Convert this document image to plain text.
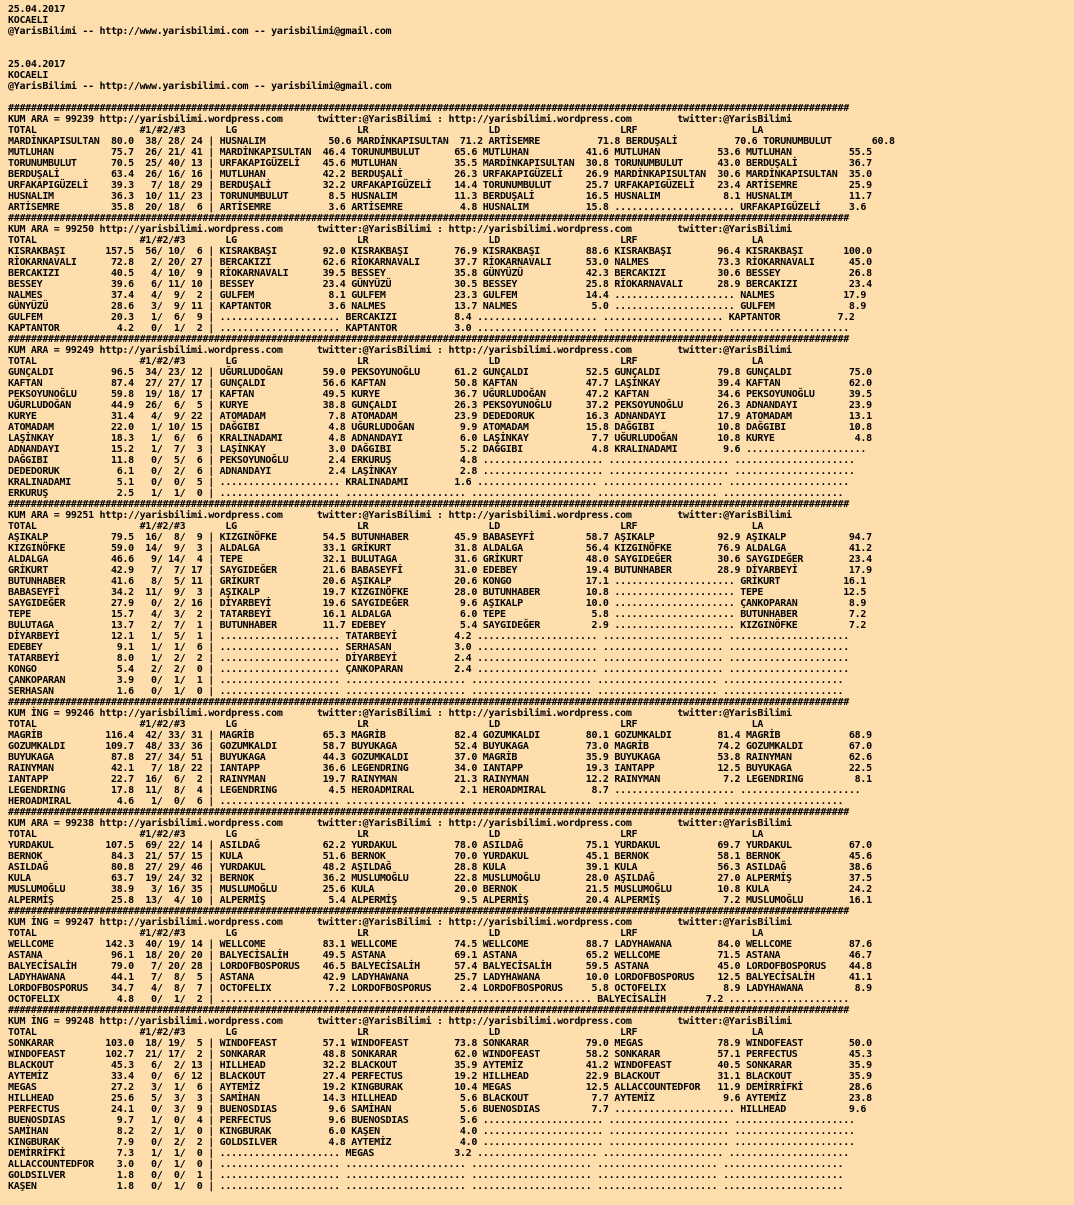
25.04.2017
KOCAELI
@YarisBilimi -- http://www.yarisbilimi.com -- yarisbilimi@gmail.com
25.04.2017
KOCAELI
@YarisBilimi -- http://www.yarisbilimi.com -- yarisbilimi@gmail.com
###################################################################################################################################################
KUM ARA = 99239 http://yarisbilimi.wordpress.com      twitter:@YarisBilimi : http://yarisbilimi.wordpress.com        twitter:@YarisBilimi
TOTAL                  #1/#2/#3       LG                     LR                     LD                     LRF                    LA
MARDİNKAPISULTAN  80.0  38/ 28/ 24 | HUSNALIM           50.6 MARDİNKAPISULTAN  71.2 ARTİSEMRE          71.8 BERDUŞALİ          70.6 TORUNUMBULUT       60.8
MUTLUHAN          75.7  26/ 21/ 41 | MARDİNKAPISULTAN  46.4 TORUNUMBULUT      65.6 MUTLUHAN          41.6 MUTLUHAN          53.6 MUTLUHAN          55.5
TORUNUMBULUT      70.5  25/ 40/ 13 | URFAKAPIGÜZELİ    45.6 MUTLUHAN          35.5 MARDİNKAPISULTAN  30.8 TORUNUMBULUT      43.0 BERDUŞALİ         36.7
BERDUŞALİ         63.4  26/ 16/ 16 | MUTLUHAN          42.2 BERDUŞALİ         26.3 URFAKAPIGÜZELİ    26.9 MARDİNKAPISULTAN  30.6 MARDİNKAPISULTAN  35.0
URFAKAPIGÜZELİ    39.3   7/ 18/ 29 | BERDUŞALİ         32.2 URFAKAPIGÜZELİ    14.4 TORUNUMBULUT      25.7 URFAKAPIGÜZELİ    23.4 ARTİSEMRE         25.9
HUSNALIM          36.3  10/ 11/ 23 | TORUNUMBULUT       8.5 HUSNALIM          11.3 BERDUŞALİ         16.5 HUSNALIM           8.1 HUSNALIM          11.7
ARTİSEMRE         35.8  20/ 18/  6 | ARTİSEMRE          3.6 ARTİSEMRE          4.8 HUSNALIM          15.8 ..................... URFAKAPIGÜZELİ     3.6
###################################################################################################################################################
KUM ARA = 99250 http://yarisbilimi.wordpress.com      twitter:@YarisBilimi : http://yarisbilimi.wordpress.com        twitter:@YarisBilimi
TOTAL                  #1/#2/#3       LG                     LR                     LD                     LRF                    LA
KISRAKBAŞI       157.5  56/ 10/  6 | KISRAKBAŞI        92.0 KISRAKBAŞI        76.9 KISRAKBAŞI        88.6 KISRAKBAŞI        96.4 KISRAKBAŞI       100.0
RİOKARNAVALI      72.8   2/ 20/ 27 | BERCAKIZI         62.6 RİOKARNAVALI      37.7 RİOKARNAVALI      53.0 NALMES            73.3 RİOKARNAVALI      45.0
BERCAKIZI         40.5   4/ 10/  9 | RİOKARNAVALI      39.5 BESSEY            35.8 GÜNYÜZÜ           42.3 BERCAKIZI         30.6 BESSEY            26.8
BESSEY            39.6   6/ 11/ 10 | BESSEY            23.4 GÜNYÜZÜ           30.5 BESSEY            25.8 RİOKARNAVALI      28.9 BERCAKIZI         23.4
NALMES            37.4   4/  9/  2 | GULFEM             8.1 GULFEM            23.3 GULFEM            14.4 ..................... NALMES            17.9
GÜNYÜZÜ           28.6   3/  9/ 11 | KAPTANTOR          3.6 NALMES            13.7 NALMES             5.0 ..................... GULFEM             8.9
GULFEM            20.3   1/  6/  9 | ..................... BERCAKIZI          8.4 ..................... ..................... KAPTANTOR          7.2
KAPTANTOR          4.2   0/  1/  2 | ..................... KAPTANTOR          3.0 ..................... ..................... .....................
###################################################################################################################################################
KUM ARA = 99249 http://yarisbilimi.wordpress.com      twitter:@YarisBilimi : http://yarisbilimi.wordpress.com        twitter:@YarisBilimi
TOTAL                  #1/#2/#3       LG                     LR                     LD                     LRF                    LA
GUNÇALDI          96.5  34/ 23/ 12 | UĞURLUDOĞAN       59.0 PEKSOYUNOĞLU      61.2 GUNÇALDI          52.5 GUNÇALDI          79.8 GUNÇALDI          75.0
KAFTAN            87.4  27/ 27/ 17 | GUNÇALDI          56.6 KAFTAN            50.8 KAFTAN            47.7 LAŞİNKAY          39.4 KAFTAN            62.0
PEKSOYUNOĞLU      59.8  19/ 18/ 17 | KAFTAN            49.5 KURYE             36.7 UĞURLUDOĞAN       47.2 KAFTAN            34.6 PEKSOYUNOĞLU      39.5
UĞURLUDOĞAN       44.9  26/  6/  5 | KURYE             38.8 GUNÇALDI          26.3 PEKSOYUNOĞLU      37.2 PEKSOYUNOĞLU      26.3 ADNANDAYI         23.9
KURYE             31.4   4/  9/ 22 | ATOMADAM           7.8 ATOMADAM          23.9 DEDEDORUK         16.3 ADNANDAYI         17.9 ATOMADAM          13.1
ATOMADAM          22.0   1/ 10/ 15 | DAĞGIBI            4.8 UĞURLUDOĞAN        9.9 ATOMADAM          15.8 DAĞGIBI           10.8 DAĞGIBI           10.8
LAŞİNKAY          18.3   1/  6/  6 | KRALINADAMI        4.8 ADNANDAYI          6.0 LAŞİNKAY           7.7 UĞURLUDOĞAN       10.8 KURYE              4.8
ADNANDAYI         15.2   1/  7/  3 | LAŞİNKAY           3.0 DAĞGIBI            5.2 DAĞGIBI            4.8 KRALINADAMI        9.6 .....................
DAĞGIBI           11.8   0/  5/  6 | PEKSOYUNOĞLU       2.4 ERKURUŞ            4.8 ..................... ..................... .....................
DEDEDORUK          6.1   0/  2/  6 | ADNANDAYI          2.4 LAŞİNKAY           2.8 ..................... ..................... .....................
KRALINADAMI        5.1   0/  0/  5 | ..................... KRALINADAMI        1.6 ..................... ..................... .....................
ERKURUŞ            2.5   1/  1/  0 | ..................... ..................... ..................... ..................... .....................
###################################################################################################################################################
KUM ARA = 99251 http://yarisbilimi.wordpress.com      twitter:@YarisBilimi : http://yarisbilimi.wordpress.com        twitter:@YarisBilimi
TOTAL                  #1/#2/#3       LG                     LR                     LD                     LRF                    LA
AŞIKALP           79.5  16/  8/  9 | KIZGINÖFKE        54.5 BUTUNHABER        45.9 BABASEYFİ         58.7 AŞIKALP           92.9 AŞIKALP           94.7
KIZGINÖFKE        59.0  14/  9/  3 | ALDALGA           33.1 GRİKURT           31.8 ALDALGA           56.4 KIZGINÖFKE        76.9 ALDALGA           41.2
ALDALGA           46.6   9/ 14/  4 | TEPE              32.1 BULUTAGA          31.6 GRİKURT           48.0 SAYGIDEĞER        30.6 SAYGIDEĞER        23.4
GRİKURT           42.9   7/  7/ 17 | SAYGIDEĞER        21.6 BABASEYFİ         31.0 EDEBEY            19.4 BUTUNHABER        28.9 DİYARBEYİ         17.9
BUTUNHABER        41.6   8/  5/ 11 | GRİKURT           20.6 AŞIKALP           20.6 KONGO             17.1 ..................... GRİKURT           16.1
BABASEYFİ         34.2  11/  9/  3 | AŞIKALP           19.7 KIZGINÖFKE        28.0 BUTUNHABER        10.8 ..................... TEPE              12.5
SAYGIDEĞER        27.9   0/  2/ 16 | DİYARBEYİ         19.6 SAYGIDEĞER         9.6 AŞIKALP           10.0 ..................... ÇANKOPARAN         8.9
TEPE              15.7   4/  3/  2 | TATARBEYİ         16.1 ALDALGA            6.0 TEPE               5.8 ..................... BUTUNHABER         7.2
BULUTAGA          13.7   2/  7/  1 | BUTUNHABER        11.7 EDEBEY             5.4 SAYGIDEĞER         2.9 ..................... KIZGINÖFKE         7.2
DİYARBEYİ         12.1   1/  5/  1 | ..................... TATARBEYİ          4.2 ..................... ..................... .....................
EDEBEY             9.1   1/  1/  6 | ..................... SERHASAN           3.0 ..................... ..................... .....................
TATARBEYİ          8.0   1/  2/  2 | ..................... DİYARBEYİ          2.4 ..................... ..................... .....................
KONGO              5.4   2/  2/  0 | ..................... ÇANKOPARAN         2.4 ..................... ..................... .....................
ÇANKOPARAN         3.9   0/  1/  1 | ..................... ..................... ..................... ..................... .....................
SERHASAN           1.6   0/  1/  0 | ..................... ..................... ..................... ..................... .....................
###################################################################################################################################################
KUM İNG = 99246 http://yarisbilimi.wordpress.com      twitter:@YarisBilimi : http://yarisbilimi.wordpress.com        twitter:@YarisBilimi
TOTAL                  #1/#2/#3       LG                     LR                     LD                     LRF                    LA
MAGRİB           116.4  42/ 33/ 31 | MAGRİB            65.3 MAGRİB            82.4 GOZUMKALDI        80.1 GOZUMKALDI        81.4 MAGRİB            68.9
GOZUMKALDI       109.7  48/ 33/ 36 | GOZUMKALDI        58.7 BUYUKAGA          52.4 BUYUKAGA          73.0 MAGRİB            74.2 GOZUMKALDI        67.0
BUYUKAGA          87.8  27/ 34/ 51 | BUYUKAGA          44.3 GOZUMKALDI        37.0 MAGRİB            35.9 BUYUKAGA          53.8 RAINYMAN          62.6
RAINYMAN          42.1   7/ 18/ 22 | IANTAPP           36.6 LEGENDRING        34.0 IANTAPP           19.3 IANTAPP           12.5 BUYUKAGA          22.5
IANTAPP           22.7  16/  6/  2 | RAINYMAN          19.7 RAINYMAN          21.3 RAINYMAN          12.2 RAINYMAN           7.2 LEGENDRING         8.1
LEGENDRING        17.8  11/  8/  4 | LEGENDRING         4.5 HEROADMIRAL        2.1 HEROADMIRAL        8.7 ..................... .....................
HEROADMIRAL        4.6   1/  0/  6 | ..................... ..................... ..................... ..................... .....................
###################################################################################################################################################
KUM ARA = 99238 http://yarisbilimi.wordpress.com      twitter:@YarisBilimi : http://yarisbilimi.wordpress.com        twitter:@YarisBilimi
TOTAL                  #1/#2/#3       LG                     LR                     LD                     LRF                    LA
YURDAKUL         107.5  69/ 22/ 14 | ASILDAĞ           62.2 YURDAKUL          78.0 ASILDAĞ           75.1 YURDAKUL          69.7 YURDAKUL          67.0
BERNOK            84.3  21/ 57/ 15 | KULA              51.6 BERNOK            70.0 YURDAKUL          45.1 BERNOK            58.1 BERNOK            45.6
ASILDAĞ           80.8  27/ 29/ 46 | YURDAKUL          48.2 AŞILDAĞ           28.8 KULA              39.1 KULA              56.3 ASILDAĞ           38.6
KULA              63.7  19/ 24/ 32 | BERNOK            36.2 MUSLUMOĞLU        22.8 MUSLUMOĞLU        28.0 AŞILDAĞ           27.0 ALPERMİŞ          37.5
MUSLUMOĞLU        38.9   3/ 16/ 35 | MUSLUMOĞLU        25.6 KULA              20.0 BERNOK            21.5 MUSLUMOĞLU        10.8 KULA              24.2
ALPERMİŞ          25.8  13/  4/ 10 | ALPERMİŞ           5.4 ALPERMİŞ           9.5 ALPERMİŞ          20.4 ALPERMİŞ           7.2 MUSLUMOĞLU        16.1
###################################################################################################################################################
KUM İNG = 99247 http://yarisbilimi.wordpress.com      twitter:@YarisBilimi : http://yarisbilimi.wordpress.com        twitter:@YarisBilimi
TOTAL                  #1/#2/#3       LG                     LR                     LD                     LRF                    LA
WELLCOME         142.3  40/ 19/ 14 | WELLCOME          83.1 WELLCOME          74.5 WELLCOME          88.7 LADYHAWANA        84.0 WELLCOME          87.6
ASTANA            96.1  18/ 20/ 20 | BALYECİSALİH      49.5 ASTANA            69.1 ASTANA            65.2 WELLCOME          71.5 ASTANA            46.7
BALYECİSALİH      79.0   7/ 20/ 28 | LORDOFBOSPORUS    46.5 BALYECİSALİH      57.4 BALYECİSALİH      59.5 ASTANA            45.0 LORDOFBOSPORUS    44.8
LADYHAWANA        44.1   7/  8/  5 | ASTANA            42.9 LADYHAWANA        25.7 LADYHAWANA        10.0 LORDOFBOSPORUS    12.5 BALYECİSALİH      41.1
LORDOFBOSPORUS    34.7   4/  8/  7 | OCTOFELIX          7.2 LORDOFBOSPORUS     2.4 LORDOFBOSPORUS     5.8 OCTOFELIX          8.9 LADYHAWANA         8.9
OCTOFELIX          4.8   0/  1/  2 | ..................... ..................... ..................... BALYECİSALİH       7.2 .....................
###################################################################################################################################################
KUM İNG = 99248 http://yarisbilimi.wordpress.com      twitter:@YarisBilimi : http://yarisbilimi.wordpress.com        twitter:@YarisBilimi
TOTAL                  #1/#2/#3       LG                     LR                     LD                     LRF                    LA
SONKARAR         103.0  18/ 19/  5 | WINDOFEAST        57.1 WINDOFEAST        73.8 SONKARAR          79.0 MEGAS             78.9 WINDOFEAST        50.0
WINDOFEAST       102.7  21/ 17/  2 | SONKARAR          48.8 SONKARAR          62.0 WINDOFEAST        58.2 SONKARAR          57.1 PERFECTUS         45.3
BLACKOUT          45.3   6/  2/ 13 | HILLHEAD          32.2 BLACKOUT          35.9 AYTEMİZ           41.2 WINDOFEAST        40.5 SONKARAR          35.9
AYTEMİZ           33.4   0/  6/ 12 | BLACKOUT          27.4 PERFECTUS         19.2 HILLHEAD          22.9 BLACKOUT          31.1 BLACKOUT          35.9
MEGAS             27.2   3/  1/  6 | AYTEMİZ           19.2 KINGBURAK         10.4 MEGAS             12.5 ALLACCOUNTEDFOR   11.9 DEMİRRİFKİ        28.6
HILLHEAD          25.6   5/  3/  3 | SAMİHAN           14.3 HILLHEAD           5.6 BLACKOUT           7.7 AYTEMİZ            9.6 AYTEMİZ           23.8
PERFECTUS         24.1   0/  3/  9 | BUENOSDIAS         9.6 SAMİHAN            5.6 BUENOSDIAS         7.7 ..................... HILLHEAD           9.6
BUENOSDIAS         9.7   1/  0/  4 | PERFECTUS          9.6 BUENOSDIAS         5.6 ..................... ..................... .....................
SAMİHAN            8.2   2/  1/  0 | KINGBURAK          6.0 KAŞEN              4.0 ..................... ..................... .....................
KINGBURAK          7.9   0/  2/  2 | GOLDSILVER         4.8 AYTEMİZ            4.0 ..................... ..................... .....................
DEMİRRİFKİ         7.3   1/  1/  0 | ..................... MEGAS              3.2 ..................... ..................... .....................
ALLACCOUNTEDFOR    3.0   0/  1/  0 | ..................... ..................... ..................... ..................... .....................
GOLDSILVER         1.8   0/  0/  1 | ..................... ..................... ..................... ..................... .....................
KAŞEN              1.8   0/  1/  0 | ..................... ..................... ..................... ..................... .....................
